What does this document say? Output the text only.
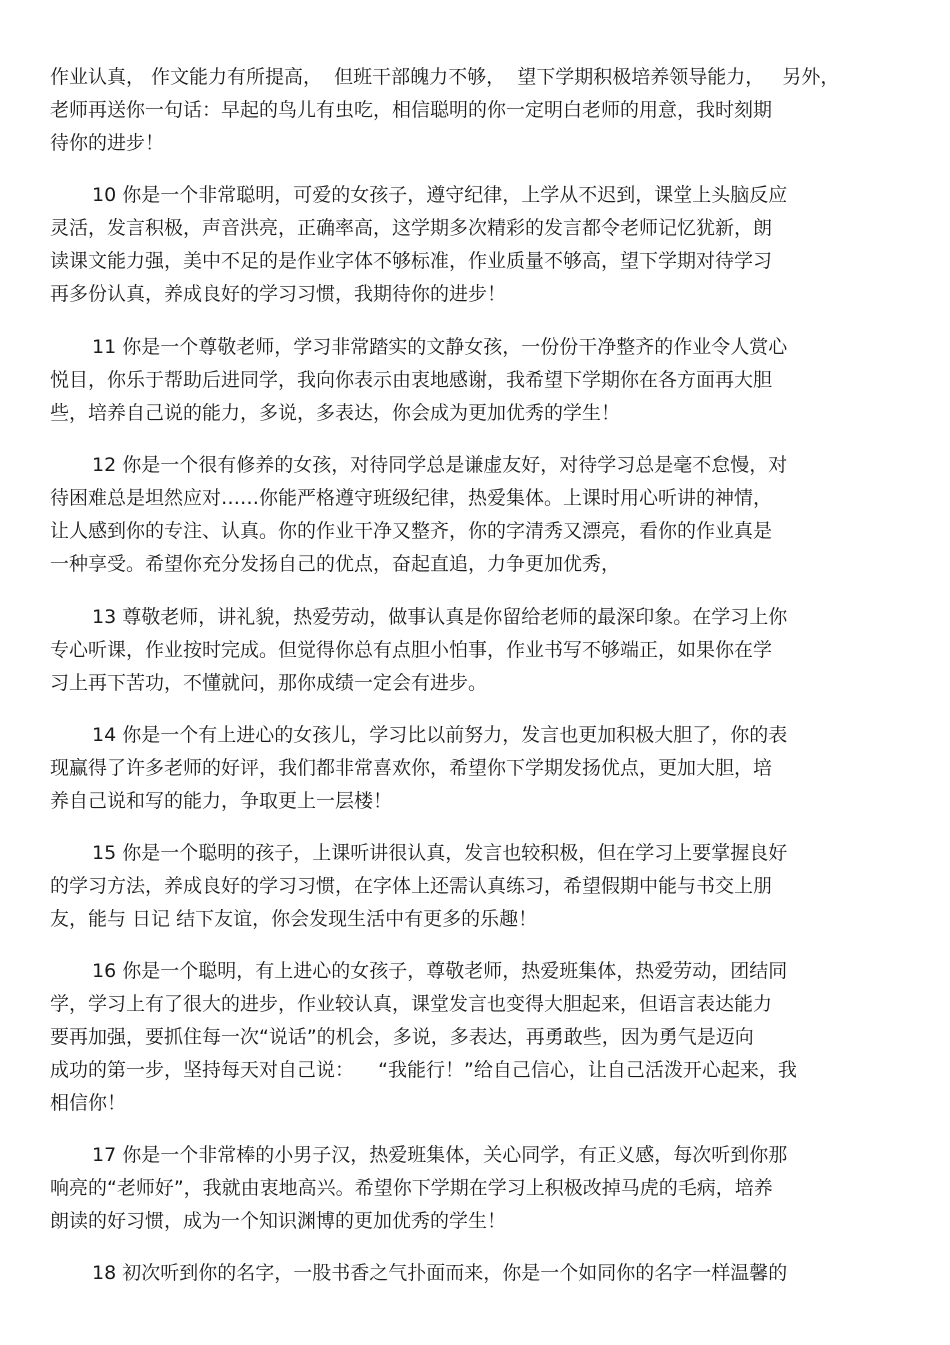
作业认真， 作文能力有所提高，  但班干部魄力不够，  望下学期积极培养领导能力，   另外，
老师再送你一句话：早起的鸟儿有虫吃，相信聪明的你一定明白老师的用意，我时刻期
待你的进步！
10 你是一个非常聪明，可爱的女孩子，遵守纪律，上学从不迟到，课堂上头脑反应
灵活，发言积极，声音洪亮，正确率高，这学期多次精彩的发言都令老师记忆犹新，朗
读课文能力强，美中不足的是作业字体不够标准，作业质量不够高，望下学期对待学习
再多份认真，养成良好的学习习惯，我期待你的进步！
11 你是一个尊敬老师，学习非常踏实的文静女孩，一份份干净整齐的作业令人赏心
悦目，你乐于帮助后进同学，我向你表示由衷地感谢，我希望下学期你在各方面再大胆
些，培养自己说的能力，多说，多表达，你会成为更加优秀的学生！
12 你是一个很有修养的女孩，对待同学总是谦虚友好，对待学习总是毫不怠慢，对
待困难总是坦然应对……你能严格遵守班级纪律，热爱集体。上课时用心听讲的神情，
让人感到你的专注、认真。你的作业干净又整齐，你的字清秀又漂亮，看你的作业真是
一种享受。希望你充分发扬自己的优点，奋起直追，力争更加优秀，
13 尊敬老师，讲礼貌，热爱劳动，做事认真是你留给老师的最深印象。在学习上你
专心听课，作业按时完成。但觉得你总有点胆小怕事，作业书写不够端正，如果你在学
习上再下苦功，不懂就问，那你成绩一定会有进步。
14 你是一个有上进心的女孩儿，学习比以前努力，发言也更加积极大胆了，你的表
现赢得了许多老师的好评，我们都非常喜欢你，希望你下学期发扬优点，更加大胆，培
养自己说和写的能力，争取更上一层楼！
15 你是一个聪明的孩子，上课听讲很认真，发言也较积极，但在学习上要掌握良好
的学习方法，养成良好的学习习惯，在字体上还需认真练习，希望假期中能与书交上朋
友，能与 日记 结下友谊，你会发现生活中有更多的乐趣！
16 你是一个聪明，有上进心的女孩子，尊敬老师，热爱班集体，热爱劳动，团结同
学，学习上有了很大的进步，作业较认真，课堂发言也变得大胆起来，但语言表达能力
要再加强，要抓住每一次“说话”的机会，多说，多表达，再勇敢些，因为勇气是迈向
成功的第一步，坚持每天对自己说：    “我能行！”给自己信心，让自己活泼开心起来，我
相信你！
17 你是一个非常棒的小男子汉，热爱班集体，关心同学，有正义感，每次听到你那
响亮的“老师好”，我就由衷地高兴。希望你下学期在学习上积极改掉马虎的毛病，培养
朗读的好习惯，成为一个知识渊博的更加优秀的学生！
18 初次听到你的名字，一股书香之气扑面而来，你是一个如同你的名字一样温馨的
